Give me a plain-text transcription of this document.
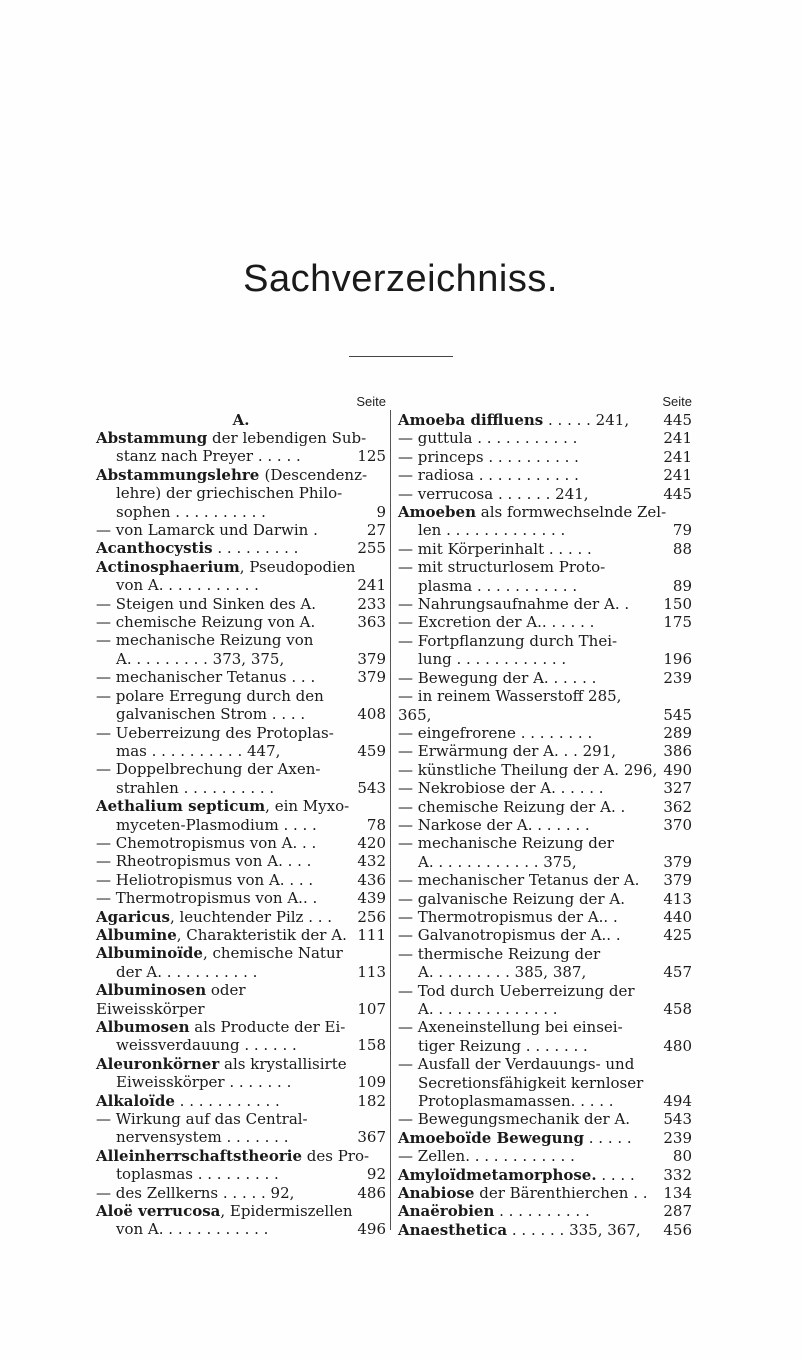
Sachverzeichniss.
Seite
A.
Abstammung der lebendigen Sub-
stanz nach Preyer . . . . .	125
Abstammungslehre (Descendenz-
lehre) der griechischen Philo-
sophen . . . . . . . . . .	9
— von Lamarck und Darwin .	27
Acanthocystis . . . . . . . . .	255
Actinosphaerium, Pseudopodien
von A. . . . . . . . . . .	241
— Steigen und Sinken des A.	233
— chemische Reizung von A.	363
— mechanische Reizung von
A. . . . . . . . . 373, 375,	379
— mechanischer Tetanus . . .	379
— polare Erregung durch den
galvanischen Strom . . . .	408
— Ueberreizung des Protoplas-
mas . . . . . . . . . . 447,	459
— Doppelbrechung der Axen-
strahlen . . . . . . . . . .	543
Aethalium septicum, ein Myxo-
myceten-Plasmodium . . . .	78
— Chemotropismus von A. . .	420
— Rheotropismus von A. . . .	432
— Heliotropismus von A. . . .	436
— Thermotropismus von A.. .	439
Agaricus, leuchtender Pilz . . .	256
Albumine, Charakteristik der A. 111
Albuminoïde, chemische Natur
der A. . . . . . . . . . .	113
Albuminosen oder Eiweisskörper	107
Albumosen als Producte der Ei-
weissverdauung . . . . . .	158
Aleuronkörner als krystallisirte
Eiweisskörper . . . . . . .	109
Alkaloïde . . . . . . . . . . .	182
— Wirkung auf das Central-
nervensystem . . . . . . .	367
Alleinherrschaftstheorie des Pro-
toplasmas . . . . . . . . .	92
— des Zellkerns . . . . . 92,	486
Aloë verrucosa, Epidermiszellen
von A. . . . . . . . . . . .	496
Seite
Amoeba diffluens . . . . . 241,	445
— guttula . . . . . . . . . . .	241
— princeps . . . . . . . . . .	241
— radiosa . . . . . . . . . . .	241
— verrucosa . . . . . . 241,	445
Amoeben als formwechselnde Zel-
len . . . . . . . . . . . . .	79
— mit Körperinhalt . . . . .	88
— mit structurlosem Proto-
plasma . . . . . . . . . . .	89
— Nahrungsaufnahme der A. .	150
— Excretion der A.. . . . . .	175
— Fortpflanzung durch Thei-
lung . . . . . . . . . . . .	196
— Bewegung der A. . . . . .	239
— in reinem Wasserstoff 285, 365,	545
— eingefrorene . . . . . . . .	289
— Erwärmung der A. . . 291,	386
— künstliche Theilung der A. 296, 490
— Nekrobiose der A. . . . . .	327
— chemische Reizung der A. .	362
— Narkose der A. . . . . . .	370
— mechanische Reizung der
A. . . . . . . . . . . . 375,	379
— mechanischer Tetanus der A.	379
— galvanische Reizung der A.	413
— Thermotropismus der A.. .	440
— Galvanotropismus der A.. .	425
— thermische Reizung der
A. . . . . . . . . 385, 387,	457
— Tod durch Ueberreizung der
A. . . . . . . . . . . . . .	458
— Axeneinstellung bei einsei-
tiger Reizung . . . . . . .	480
— Ausfall der Verdauungs- und
Secretionsfähigkeit kernloser
Protoplasmamassen. . . . .	494
— Bewegungsmechanik der A.	543
Amoeboïde Bewegung . . . . .	239
— Zellen. . . . . . . . . . . .	80
Amyloïdmetamorphose. . . . .	332
Anabiose der Bärenthierchen . .	134
Anaërobien . . . . . . . . . .	287
Anaesthetica . . . . . . 335, 367,	456
